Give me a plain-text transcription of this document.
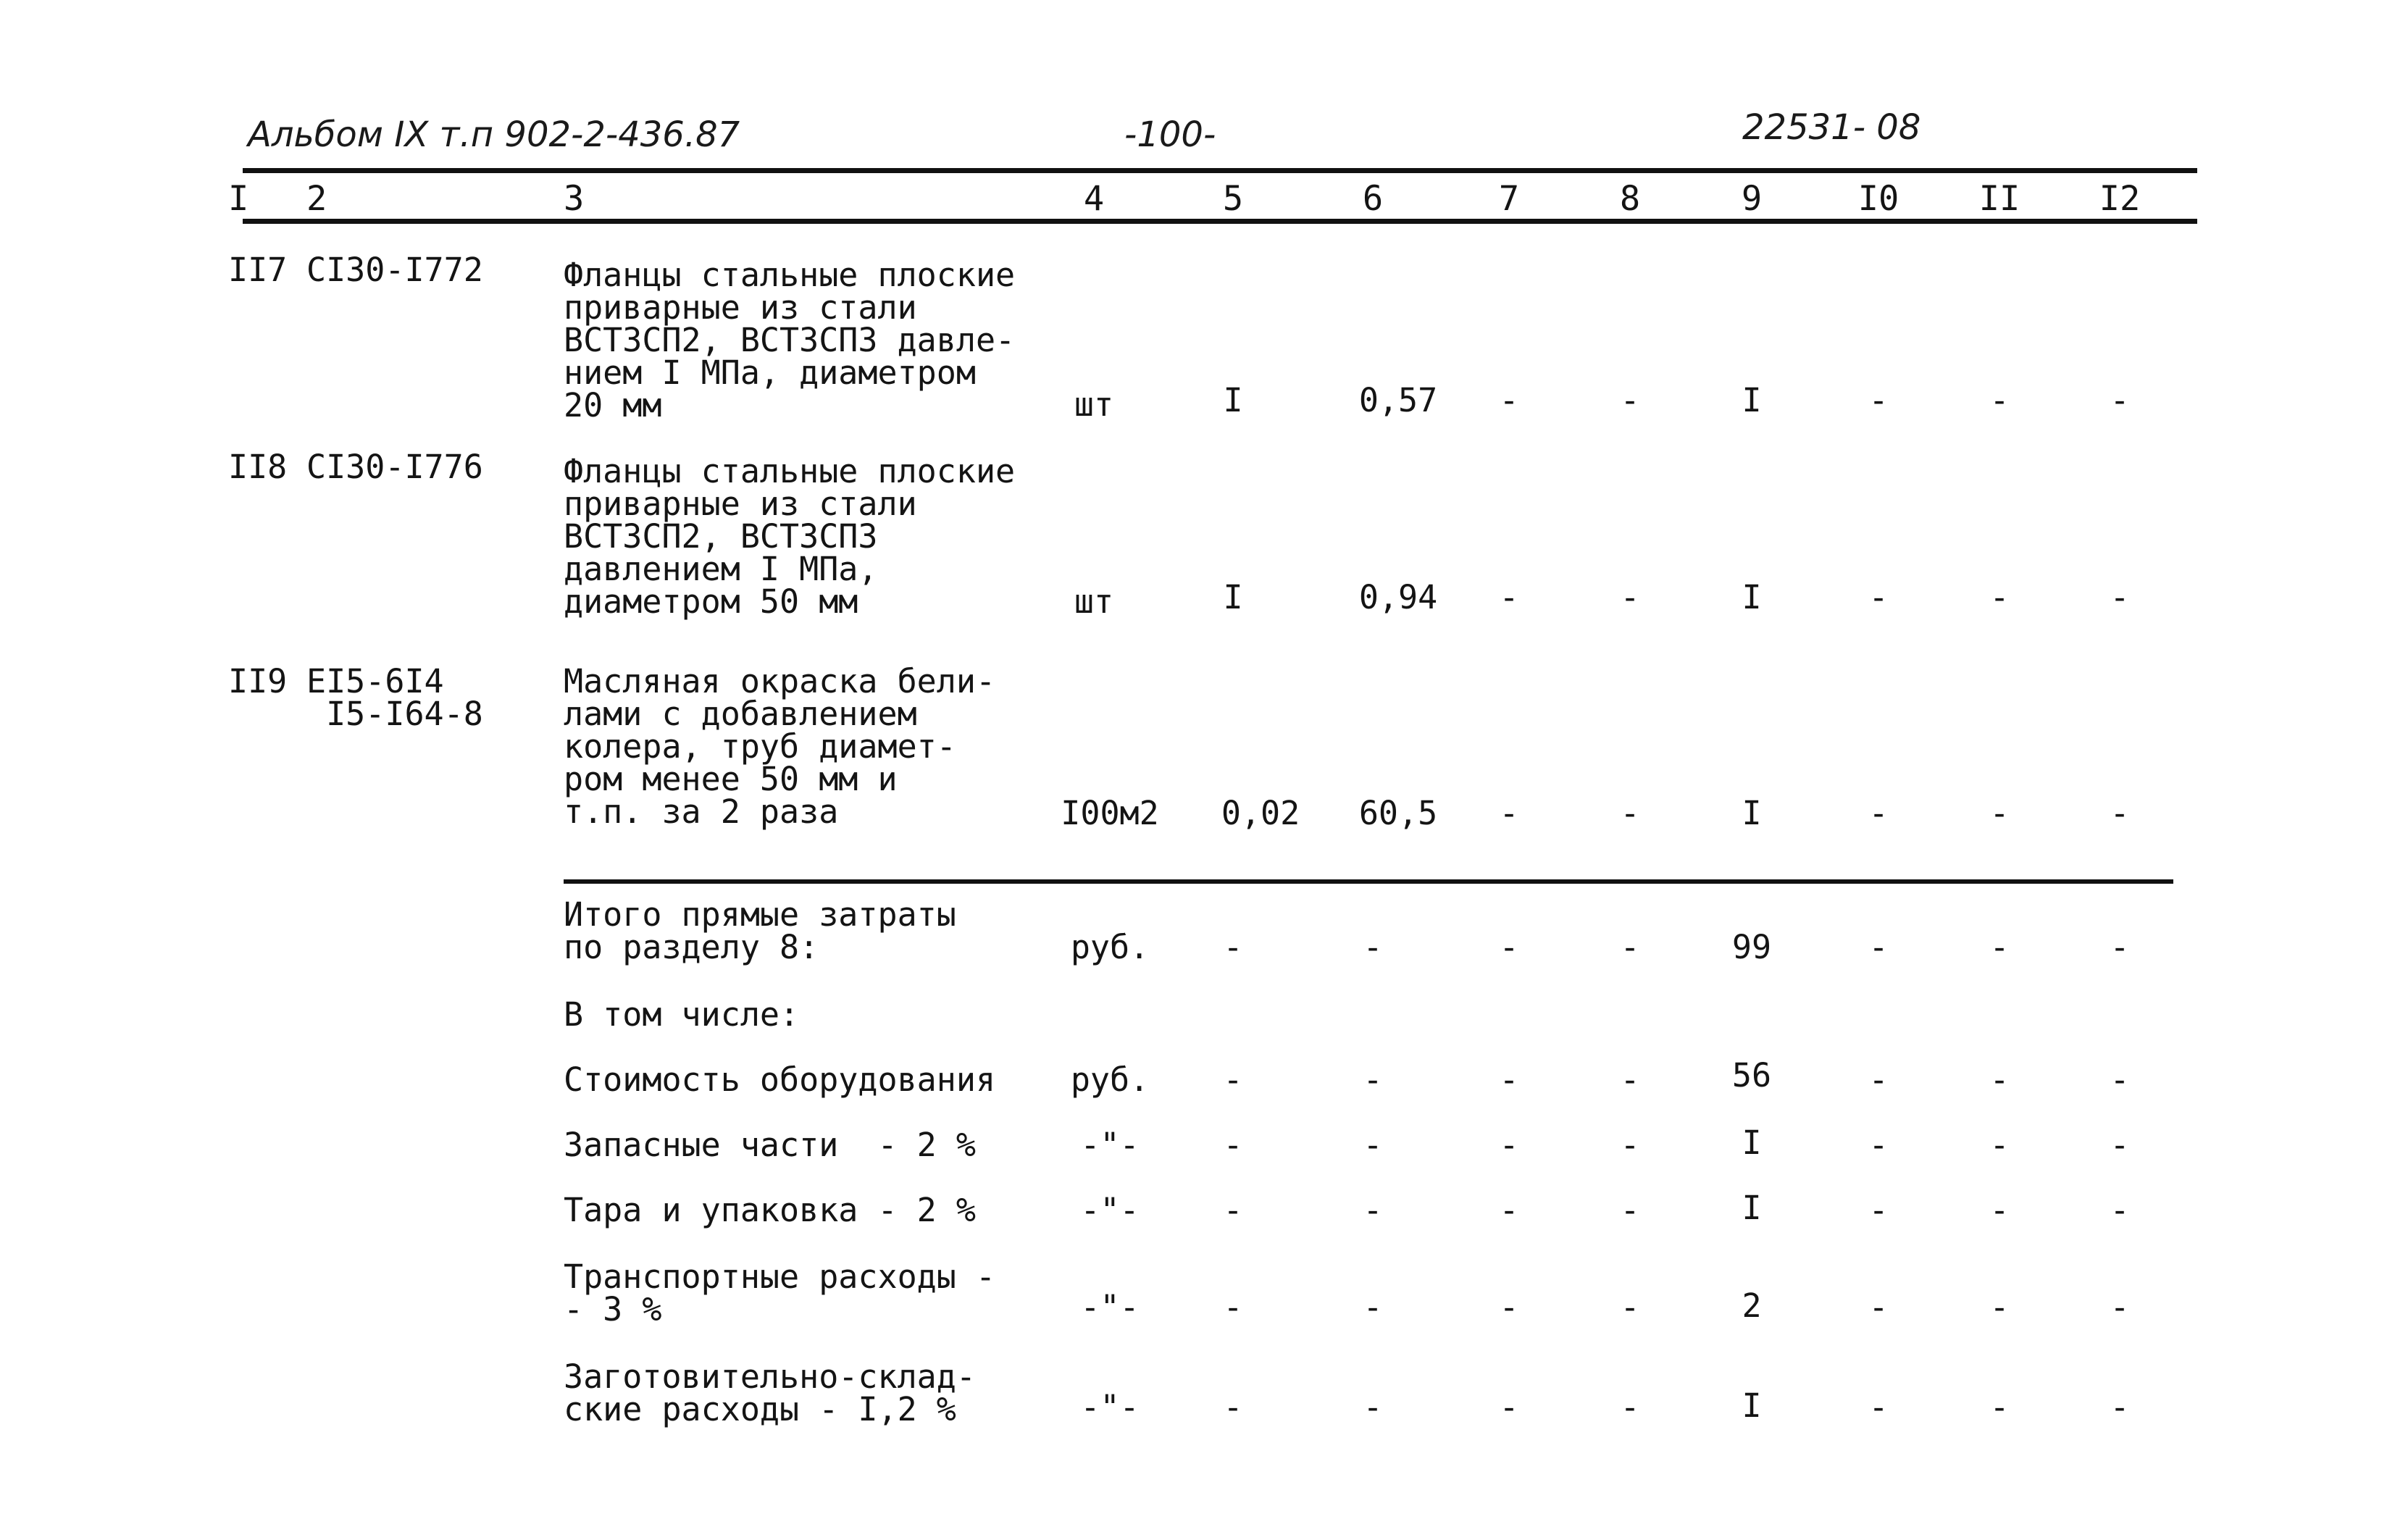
Альбом IX т.п 902-2-436.87	-100-	22531- 08
I 2	3	4	5	6	7	8	9	I0 II I2
II7 CI30-I772 Фланцы стальные плоские
приварные из стали
ВСТ3СП2, ВСТ3СП3 давле-
нием I МПа, диаметром
20 мм	шт	I	0,57 -	-	I	-	-	-
II8 CI30-I776 Фланцы стальные плоские
приварные из стали
ВСТ3СП2, ВСТ3СП3
давлением I МПа,
диаметром 50 мм	шт	I	0,94 -	-	I	-	-	-
II9 EI5-6I4
I5-I64-8
Масляная окраска бели-
лами с добавлением
колера, труб диамет-
ром менее 50 мм и
т.п. за 2 раза	I00м2 0,02 60,5 -	-	I	-	-	-
Итого прямые затраты
по разделу 8:	руб. -	-	-	-	99	-	-	-
В том числе:
Стоимость оборудования руб. -	-	-	-	56	-	-	-
Запасные части  - 2 %	-"-	-	-	-	-	I	-	-	-
Тара и упаковка - 2 %	-"-	-	-	-	-	I	-	-	-
Транспортные расходы -
- 3 %	-"-	-	-	-	-	2	-	-	-
Заготовительно-склад-
ские расходы - I,2 %	-"-	-	-	-	-	I	-	-	-
